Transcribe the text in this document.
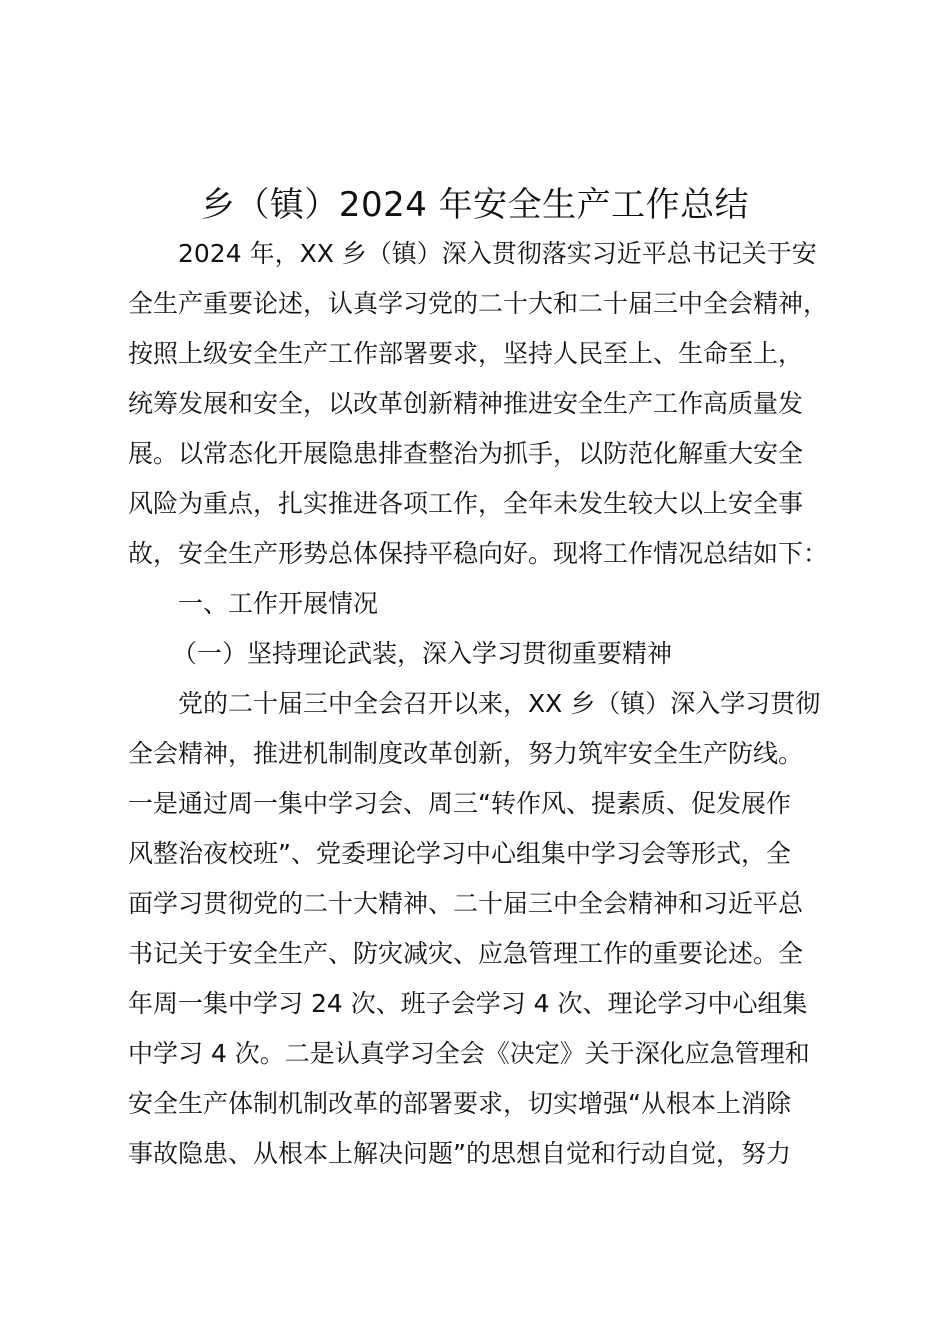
乡（镇）2024 年安全生产工作总结

2024 年，XX 乡（镇）深入贯彻落实习近平总书记关于安

全生产重要论述，认真学习党的二十大和二十届三中全会精神，

按照上级安全生产工作部署要求，坚持人民至上、生命至上，

统筹发展和安全，以改革创新精神推进安全生产工作高质量发

展。以常态化开展隐患排查整治为抓手，以防范化解重大安全

风险为重点，扎实推进各项工作，全年未发生较大以上安全事

故，安全生产形势总体保持平稳向好。现将工作情况总结如下：

一、工作开展情况

（一）坚持理论武装，深入学习贯彻重要精神

党的二十届三中全会召开以来，XX 乡（镇）深入学习贯彻

全会精神，推进机制制度改革创新，努力筑牢安全生产防线。

一是通过周一集中学习会、周三“转作风、提素质、促发展作

风整治夜校班”、党委理论学习中心组集中学习会等形式，全

面学习贯彻党的二十大精神、二十届三中全会精神和习近平总

书记关于安全生产、防灾减灾、应急管理工作的重要论述。全

年周一集中学习 24 次、班子会学习 4 次、理论学习中心组集

中学习 4 次。二是认真学习全会《决定》关于深化应急管理和

安全生产体制机制改革的部署要求，切实增强“从根本上消除

事故隐患、从根本上解决问题”的思想自觉和行动自觉，努力
